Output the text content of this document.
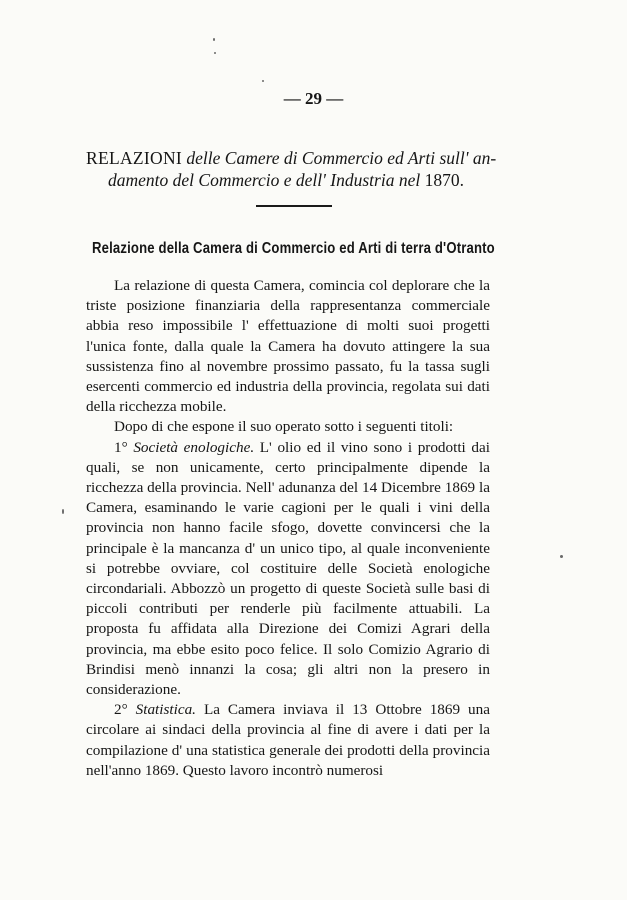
— 29 —
RELAZIONI delle Camere di Commercio ed Arti sull' an-
damento del Commercio e dell' Industria nel 1870.
Relazione della Camera di Commercio ed Arti di terra d'Otranto

La relazione di questa Camera, comincia col deplorare che la triste posizione finanziaria della rappresentanza commerciale abbia reso impossibile l' effettuazione di molti suoi progetti l'unica fonte, dalla quale la Camera ha dovuto attingere la sua sussistenza fino al novembre prossimo passato, fu la tassa sugli esercenti commercio ed industria della provincia, regolata sui dati della ricchezza mobile.

Dopo di che espone il suo operato sotto i seguenti titoli:

1° Società enologiche. L' olio ed il vino sono i prodotti dai quali, se non unicamente, certo principalmente dipende la ricchezza della provincia. Nell' adunanza del 14 Dicembre 1869 la Camera, esaminando le varie cagioni per le quali i vini della provincia non hanno facile sfogo, dovette convincersi che la principale è la mancanza d' un unico tipo, al quale inconveniente si potrebbe ovviare, col costituire delle Società enologiche circondariali. Abbozzò un progetto di queste Società sulle basi di piccoli contributi per renderle più facilmente attuabili. La proposta fu affidata alla Direzione dei Comizi Agrari della provincia, ma ebbe esito poco felice. Il solo Comizio Agrario di Brindisi menò innanzi la cosa; gli altri non la presero in considerazione.

2° Statistica. La Camera inviava il 13 Ottobre 1869 una circolare ai sindaci della provincia al fine di avere i dati per la compilazione d' una statistica generale dei prodotti della provincia nell'anno 1869. Questo lavoro incontrò numerosi
